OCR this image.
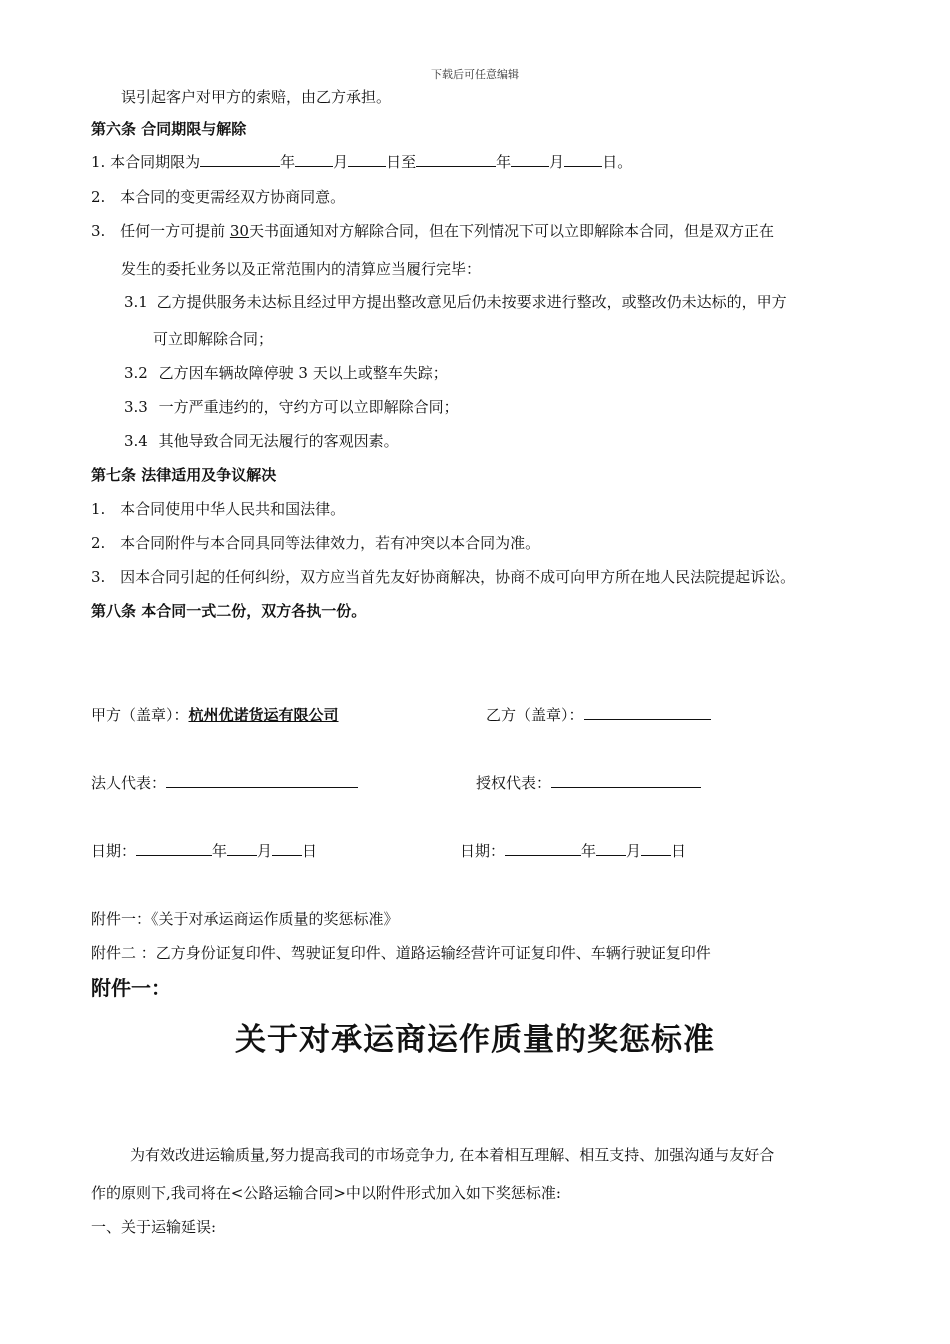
下载后可任意编辑
误引起客户对甲方的索赔，由乙方承担。
第六条 合同期限与解除
1. 本合同期限为	年	月	日至	年	月	日。
2. 本合同的变更需经双方协商同意。
3. 任何一方可提前 30天书面通知对方解除合同，但在下列情况下可以立即解除本合同，但是双方正在
发生的委托业务以及正常范围内的清算应当履行完毕：
3.1 乙方提供服务未达标且经过甲方提出整改意见后仍未按要求进行整改，或整改仍未达标的，甲方
可立即解除合同；
3.2 乙方因车辆故障停驶 3 天以上或整车失踪；
3.3 一方严重违约的，守约方可以立即解除合同；
3.4 其他导致合同无法履行的客观因素。
第七条 法律适用及争议解决
1. 本合同使用中华人民共和国法律。
2. 本合同附件与本合同具同等法律效力，若有冲突以本合同为准。
3. 因本合同引起的任何纠纷，双方应当首先友好协商解决，协商不成可向甲方所在地人民法院提起诉讼。
第八条 本合同一式二份，双方各执一份。
甲方（盖章）：杭州优诺货运有限公司	乙方（盖章）：
法人代表：	授权代表：
日期：	年 月 日	日期：	年 月 日
附件一：《关于对承运商运作质量的奖惩标准》
附件二 ：乙方身份证复印件、驾驶证复印件、道路运输经营许可证复印件、车辆行驶证复印件
附件一：
关于对承运商运作质量的奖惩标准
为有效改进运输质量,努力提高我司的市场竞争力, 在本着相互理解、相互支持、加强沟通与友好合
作的原则下,我司将在<公路运输合同>中以附件形式加入如下奖惩标准:
一、关于运输延误:
